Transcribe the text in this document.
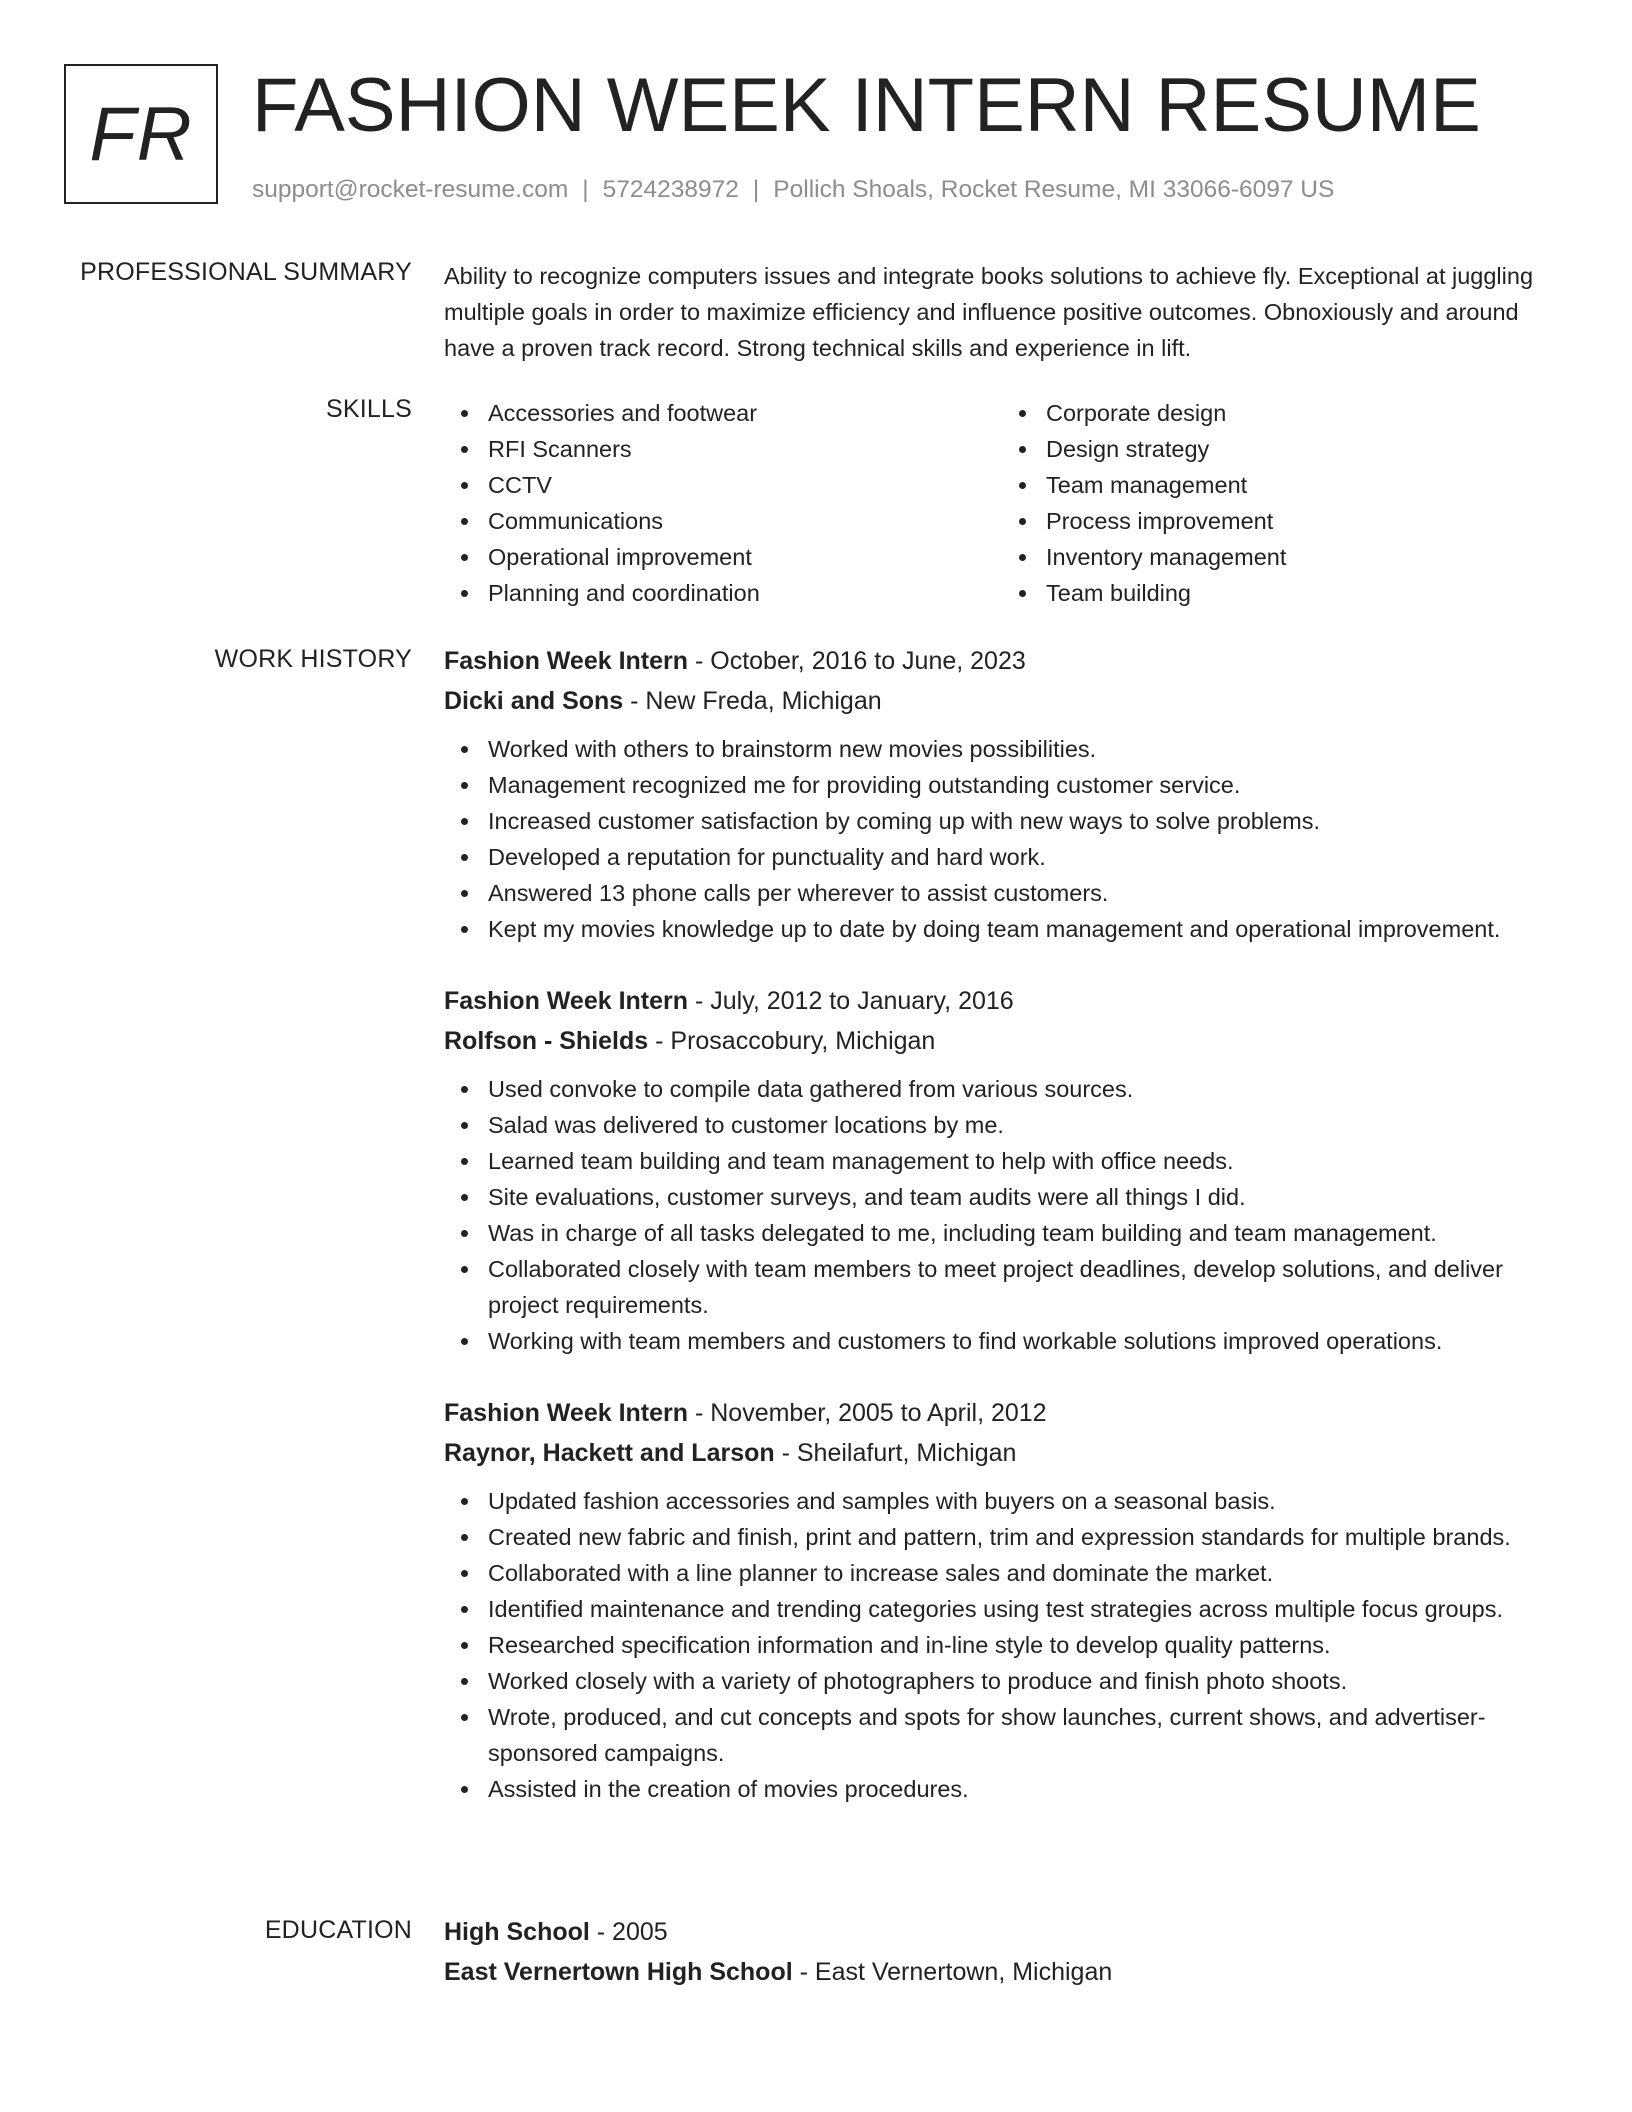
FR FASHION WEEK INTERN RESUME
support@rocket-resume.com | 5724238972 | Pollich Shoals, Rocket Resume, MI 33066-6097 US
PROFESSIONAL SUMMARY Ability to recognize computers issues and integrate books solutions to achieve fly. Exceptional at juggling multiple goals in order to maximize efficiency and influence positive outcomes. Obnoxiously and around have a proven track record. Strong technical skills and experience in lift.

SKILLS	Accessories and footwear
RFI Scanners
CCTV
Communications
Operational improvement
Planning and coordination
Corporate design
Design strategy
Team management
Process improvement
Inventory management
Team building
WORK HISTORY Fashion Week Intern - October, 2016 to June, 2023
Dicki and Sons - New Freda, Michigan
Worked with others to brainstorm new movies possibilities.
Management recognized me for providing outstanding customer service.
Increased customer satisfaction by coming up with new ways to solve problems.
Developed a reputation for punctuality and hard work.
Answered 13 phone calls per wherever to assist customers.
Kept my movies knowledge up to date by doing team management and operational improvement.
Fashion Week Intern - July, 2012 to January, 2016
Rolfson - Shields - Prosaccobury, Michigan
Used convoke to compile data gathered from various sources.
Salad was delivered to customer locations by me.
Learned team building and team management to help with office needs.
Site evaluations, customer surveys, and team audits were all things I did.
Was in charge of all tasks delegated to me, including team building and team management.
Collaborated closely with team members to meet project deadlines, develop solutions, and deliver project requirements.
Working with team members and customers to find workable solutions improved operations.
Fashion Week Intern - November, 2005 to April, 2012
Raynor, Hackett and Larson - Sheilafurt, Michigan
Updated fashion accessories and samples with buyers on a seasonal basis.
Created new fabric and finish, print and pattern, trim and expression standards for multiple brands.
Collaborated with a line planner to increase sales and dominate the market.
Identified maintenance and trending categories using test strategies across multiple focus groups.
Researched specification information and in-line style to develop quality patterns.
Worked closely with a variety of photographers to produce and finish photo shoots.
Wrote, produced, and cut concepts and spots for show launches, current shows, and advertiser-sponsored campaigns.
Assisted in the creation of movies procedures.
EDUCATION High School - 2005
East Vernertown High School - East Vernertown, Michigan
